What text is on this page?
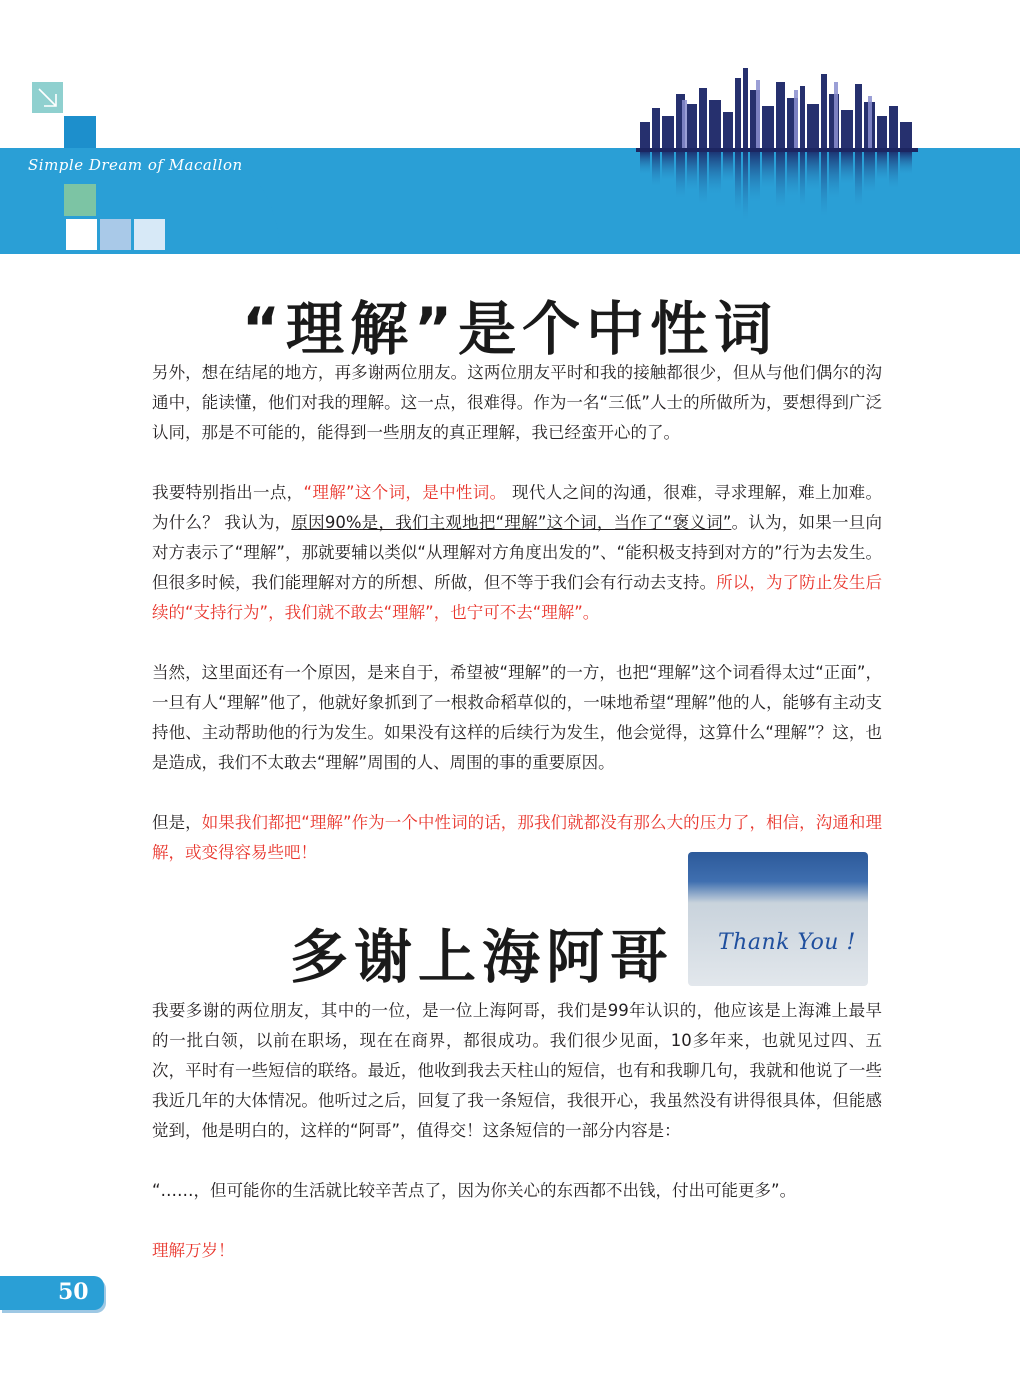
Simple Dream of Macallon
“理解”是个中性词
另外，想在结尾的地方，再多谢两位朋友。这两位朋友平时和我的接触都很少，但从与他们偶尔的沟通中，能读懂，他们对我的理解。这一点，很难得。作为一名“三低”人士的所做所为，要想得到广泛认同，那是不可能的，能得到一些朋友的真正理解，我已经蛮开心的了。
我要特别指出一点，“理解”这个词，是中性词。 现代人之间的沟通，很难，寻求理解，难上加难。为什么？ 我认为，原因90%是，我们主观地把“理解”这个词，当作了“褒义词”。认为，如果一旦向对方表示了“理解”，那就要辅以类似“从理解对方角度出发的”、“能积极支持到对方的”行为去发生。但很多时候，我们能理解对方的所想、所做，但不等于我们会有行动去支持。所以，为了防止发生后续的“支持行为”，我们就不敢去“理解”，也宁可不去“理解”。
当然，这里面还有一个原因，是来自于，希望被“理解”的一方，也把“理解”这个词看得太过“正面”，一旦有人“理解”他了，他就好象抓到了一根救命稻草似的，一味地希望“理解”他的人，能够有主动支持他、主动帮助他的行为发生。如果没有这样的后续行为发生，他会觉得，这算什么“理解”？这，也是造成，我们不太敢去“理解”周围的人、周围的事的重要原因。
但是，如果我们都把“理解”作为一个中性词的话，那我们就都没有那么大的压力了，相信，沟通和理解，或变得容易些吧！
Thank You !
多谢上海阿哥
我要多谢的两位朋友，其中的一位，是一位上海阿哥，我们是99年认识的，他应该是上海滩上最早的一批白领，以前在职场，现在在商界，都很成功。我们很少见面，10多年来，也就见过四、五次，平时有一些短信的联络。最近，他收到我去天柱山的短信，也有和我聊几句，我就和他说了一些我近几年的大体情况。他听过之后，回复了我一条短信，我很开心，我虽然没有讲得很具体，但能感觉到，他是明白的，这样的“阿哥”，值得交！这条短信的一部分内容是：
“……，但可能你的生活就比较辛苦点了，因为你关心的东西都不出钱，付出可能更多”。
理解万岁！
50
